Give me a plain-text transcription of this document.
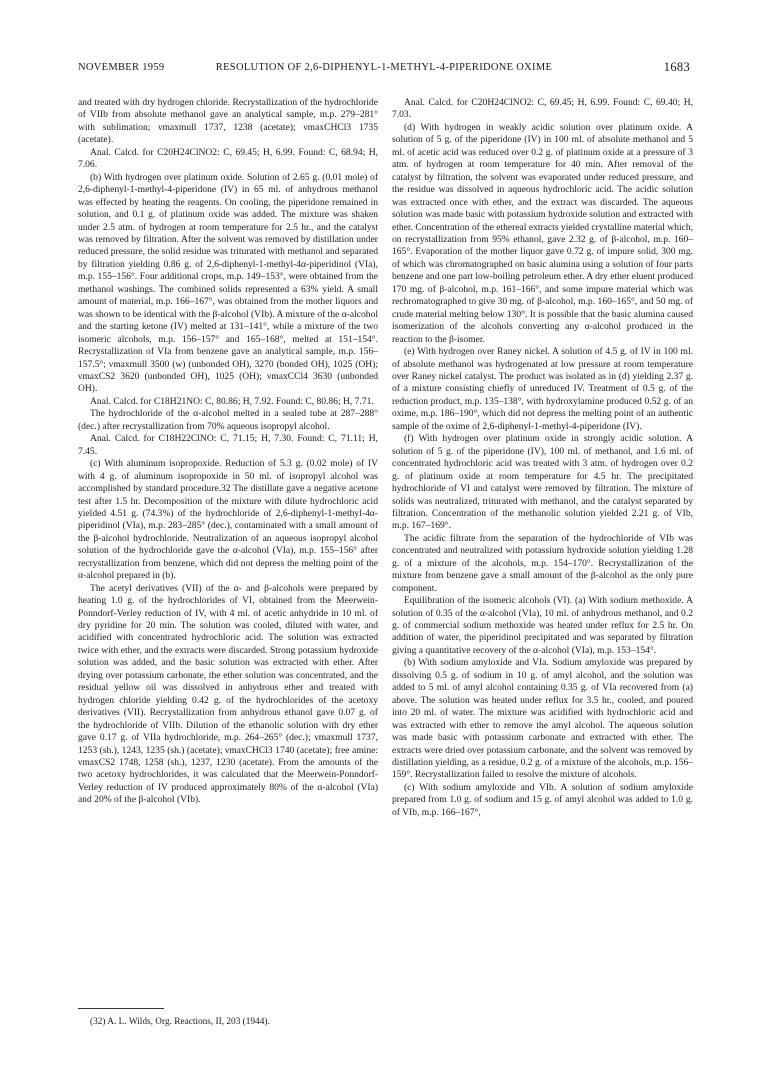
NOVEMBER 1959	RESOLUTION OF 2,6-DIPHENYL-1-METHYL-4-PIPERIDONE OXIME	1683

and treated with dry hydrogen chloride. Recrystallization of the hydrochloride of VIIb from absolute methanol gave an analytical sample, m.p. 279–281° with sublimation; νmaxmull 1737, 1238 (acetate); νmaxCHCl3 1735 (acetate).

Anal. Calcd. for C20H24ClNO2: C, 69.45; H, 6.99. Found: C, 68.94; H, 7.06.

(b) With hydrogen over platinum oxide. Solution of 2.65 g. (0.01 mole) of 2,6-diphenyl-1-methyl-4-piperidone (IV) in 65 ml. of anhydrous methanol was effected by heating the reagents. On cooling, the piperidone remained in solution, and 0.1 g. of platinum oxide was added. The mixture was shaken under 2.5 atm. of hydrogen at room temperature for 2.5 hr., and the catalyst was removed by filtration. After the solvent was removed by distillation under reduced pressure, the solid residue was triturated with methanol and separated by filtration yielding 0.86 g. of 2,6-diphenyl-1-methyl-4α-piperidinol (VIa), m.p. 155–156°. Four additional crops, m.p. 149–153°, were obtained from the methanol washings. The combined solids represented a 63% yield. A small amount of material, m.p. 166–167°, was obtained from the mother liquors and was shown to be identical with the β-alcohol (VIb). A mixture of the α-alcohol and the starting ketone (IV) melted at 131–141°, while a mixture of the two isomeric alcohols, m.p. 156–157° and 165–168°, melted at 151–154°. Recrystallization of VIa from benzene gave an analytical sample, m.p. 156–157.5°; νmaxmull 3500 (w) (unbonded OH), 3270 (bonded OH), 1025 (OH); νmaxCS2 3620 (unbonded OH), 1025 (OH); νmaxCCl4 3630 (unbonded OH).

Anal. Calcd. for C18H21NO: C, 80.86; H, 7.92. Found: C, 80.86; H, 7.71.

The hydrochloride of the α-alcohol melted in a sealed tube at 287–288° (dec.) after recrystallization from 70% aqueous isopropyl alcohol.

Anal. Calcd. for C18H22ClNO: C, 71.15; H, 7.30. Found: C, 71.11; H, 7.45.

(c) With aluminum isopropoxide. Reduction of 5.3 g. (0.02 mole) of IV with 4 g. of aluminum isopropoxide in 50 ml. of isopropyl alcohol was accomplished by standard procedure.32 The distillate gave a negative acetone test after 1.5 hr. Decomposition of the mixture with dilute hydrochloric acid yielded 4.51 g. (74.3%) of the hydrochloride of 2,6-diphenyl-1-methyl-4α-piperidinol (VIa), m.p. 283–285° (dec.), contaminated with a small amount of the β-alcohol hydrochloride. Neutralization of an aqueous isopropyl alcohol solution of the hydrochloride gave the α-alcohol (VIa), m.p. 155–156° after recrystallization from benzene, which did not depress the melting point of the α-alcohol prepared in (b).

The acetyl derivatives (VII) of the α- and β-alcohols were prepared by heating 1.0 g. of the hydrochlorides of VI, obtained from the Meerwein-Ponndorf-Verley reduction of IV, with 4 ml. of acetic anhydride in 10 ml. of dry pyridine for 20 min. The solution was cooled, diluted with water, and acidified with concentrated hydrochloric acid. The solution was extracted twice with ether, and the extracts were discarded. Strong potassium hydroxide solution was added, and the basic solution was extracted with ether. After drying over potassium carbonate, the ether solution was concentrated, and the residual yellow oil was dissolved in anhydrous ether and treated with hydrogen chloride yielding 0.42 g. of the hydrochlorides of the acetoxy derivatives (VII). Recrystallization from anhydrous ethanol gave 0.07 g. of the hydrochloride of VIIb. Dilution of the ethanolic solution with dry ether gave 0.17 g. of VIIa hydrochloride, m.p. 264–265° (dec.); νmaxmull 1737, 1253 (sh.), 1243, 1235 (sh.) (acetate); νmaxCHCl3 1740 (acetate); free amine: νmaxCS2 1748, 1258 (sh.), 1237, 1230 (acetate). From the amounts of the two acetoxy hydrochlorides, it was calculated that the Meerwein-Ponndorf-Verley reduction of IV produced approximately 80% of the α-alcohol (VIa) and 20% of the β-alcohol (VIb).

Anal. Calcd. for C20H24ClNO2: C, 69.45; H, 6.99. Found: C, 69.40; H, 7.03.

(d) With hydrogen in weakly acidic solution over platinum oxide. A solution of 5 g. of the piperidone (IV) in 100 ml. of absolute methanol and 5 ml. of acetic acid was reduced over 0.2 g. of platinum oxide at a pressure of 3 atm. of hydrogen at room temperature for 40 min. After removal of the catalyst by filtration, the solvent was evaporated under reduced pressure, and the residue was dissolved in aqueous hydrochloric acid. The acidic solution was extracted once with ether, and the extract was discarded. The aqueous solution was made basic with potassium hydroxide solution and extracted with ether. Concentration of the ethereal extracts yielded crystalline material which, on recrystallization from 95% ethanol, gave 2.32 g. of β-alcohol, m.p. 160–165°. Evaporation of the mother liquor gave 0.72 g. of impure solid, 300 mg. of which was chromatographed on basic alumina using a solution of four parts benzene and one part low-boiling petroleum ether. A dry ether eluent produced 170 mg. of β-alcohol, m.p. 161–166°, and some impure material which was rechromatographed to give 30 mg. of β-alcohol, m.p. 160–165°, and 50 mg. of crude material melting below 130°. It is possible that the basic alumina caused isomerization of the alcohols converting any α-alcohol produced in the reaction to the β-isomer.

(e) With hydrogen over Raney nickel. A solution of 4.5 g. of IV in 100 ml. of absolute methanol was hydrogenated at low pressure at room temperature over Raney nickel catalyst. The product was isolated as in (d) yielding 2.37 g. of a mixture consisting chiefly of unreduced IV. Treatment of 0.5 g. of the reduction product, m.p. 135–138°, with hydroxylamine produced 0.52 g. of an oxime, m.p. 186–190°, which did not depress the melting point of an authentic sample of the oxime of 2,6-diphenyl-1-methyl-4-piperidone (IV).

(f) With hydrogen over platinum oxide in strongly acidic solution. A solution of 5 g. of the piperidone (IV), 100 ml. of methanol, and 1.6 ml. of concentrated hydrochloric acid was treated with 3 atm. of hydrogen over 0.2 g. of platinum oxide at room temperature for 4.5 hr. The precipitated hydrochloride of VI and catalyst were removed by filtration. The mixture of solids was neutralized, triturated with methanol, and the catalyst separated by filtration. Concentration of the methanolic solution yielded 2.21 g. of VIb, m.p. 167–169°.

The acidic filtrate from the separation of the hydrochloride of VIb was concentrated and neutralized with potassium hydroxide solution yielding 1.28 g. of a mixture of the alcohols, m.p. 154–170°. Recrystallization of the mixture from benzene gave a small amount of the β-alcohol as the only pure component.

Equilibration of the isomeric alcohols (VI). (a) With sodium methoxide. A solution of 0.35 of the α-alcohol (VIa), 10 ml. of anhydrous methanol, and 0.2 g. of commercial sodium methoxide was heated under reflux for 2.5 hr. On addition of water, the piperidinol precipitated and was separated by filtration giving a quantitative recovery of the α-alcohol (VIa), m.p. 153–154°.

(b) With sodium amyloxide and VIa. Sodium amyloxide was prepared by dissolving 0.5 g. of sodium in 10 g. of amyl alcohol, and the solution was added to 5 ml. of amyl alcohol containing 0.35 g. of VIa recovered from (a) above. The solution was heated under reflux for 3.5 hr., cooled, and poured into 20 ml. of water. The mixture was acidified with hydrochloric acid and was extracted with ether to remove the amyl alcohol. The aqueous solution was made basic with potassium carbonate and extracted with ether. The extracts were dried over potassium carbonate, and the solvent was removed by distillation yielding, as a residue, 0.2 g. of a mixture of the alcohols, m.p. 156–159°. Recrystallization failed to resolve the mixture of alcohols.

(c) With sodium amyloxide and VIb. A solution of sodium amyloxide prepared from 1.0 g. of sodium and 15 g. of amyl alcohol was added to 1.0 g. of VIb, m.p. 166–167°,

(32) A. L. Wilds, Org. Reactions, II, 203 (1944).
